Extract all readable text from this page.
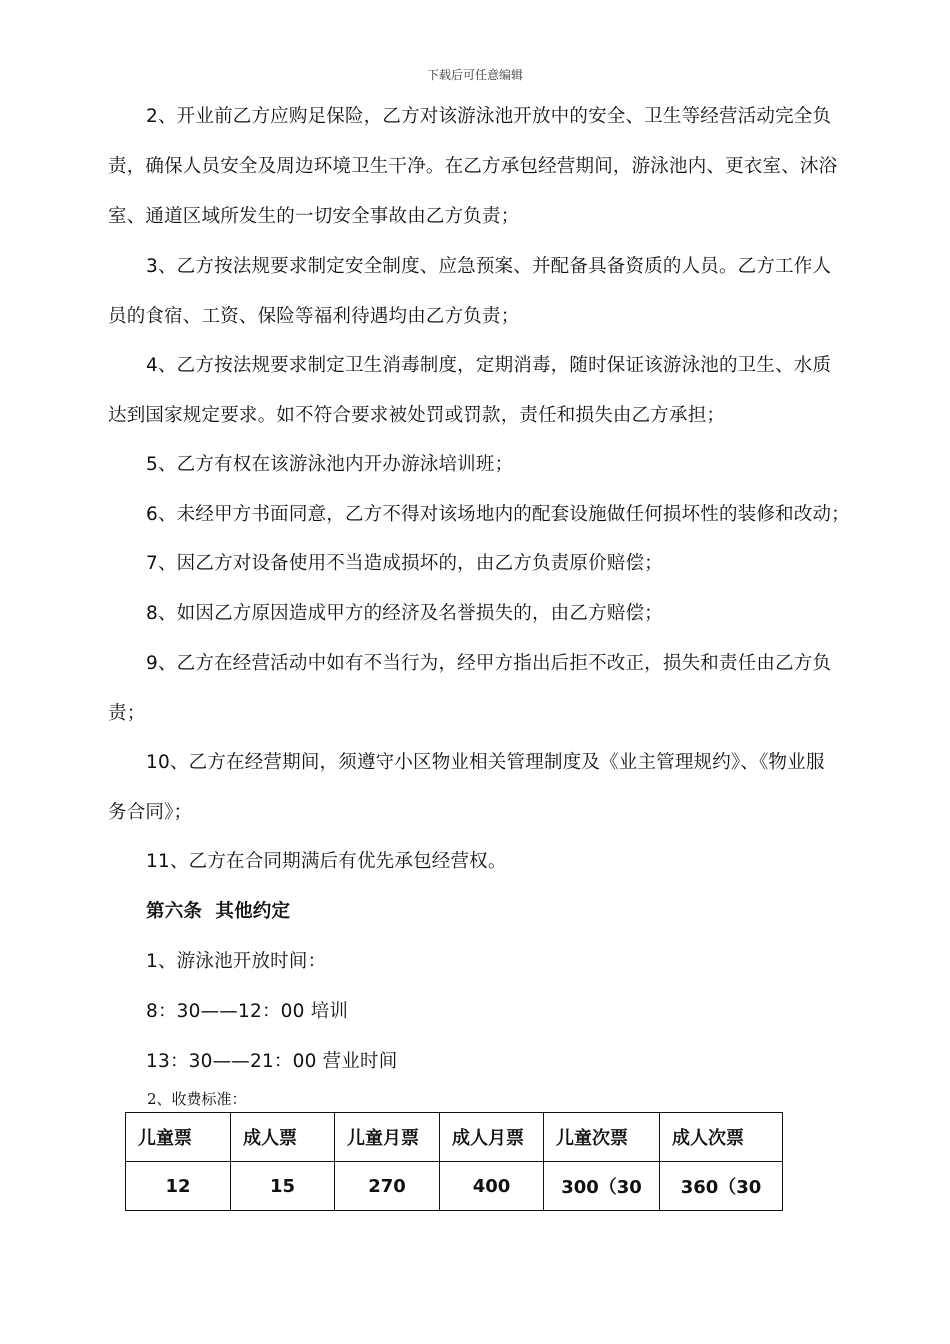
下载后可任意编辑

2、开业前乙方应购足保险，乙方对该游泳池开放中的安全、卫生等经营活动完全负
责，确保人员安全及周边环境卫生干净。在乙方承包经营期间，游泳池内、更衣室、沐浴
室、通道区域所发生的一切安全事故由乙方负责；

3、乙方按法规要求制定安全制度、应急预案、并配备具备资质的人员。乙方工作人
员的食宿、工资、保险等福利待遇均由乙方负责；

4、乙方按法规要求制定卫生消毒制度，定期消毒，随时保证该游泳池的卫生、水质
达到国家规定要求。如不符合要求被处罚或罚款，责任和损失由乙方承担；

5、乙方有权在该游泳池内开办游泳培训班；

6、未经甲方书面同意，乙方不得对该场地内的配套设施做任何损坏性的装修和改动；

7、因乙方对设备使用不当造成损坏的，由乙方负责原价赔偿；

8、如因乙方原因造成甲方的经济及名誉损失的，由乙方赔偿；

9、乙方在经营活动中如有不当行为，经甲方指出后拒不改正，损失和责任由乙方负
责；

10、乙方在经营期间，须遵守小区物业相关管理制度及《业主管理规约》、《物业服
务合同》；

11、乙方在合同期满后有优先承包经营权。

第六条  其他约定

1、游泳池开放时间：

8：30——12：00 培训

13：30——21：00 营业时间

2、收费标准：
儿童票	成人票	儿童月票	成人月票	儿童次票	成人次票
12	15	270	400	300（30	360（30
